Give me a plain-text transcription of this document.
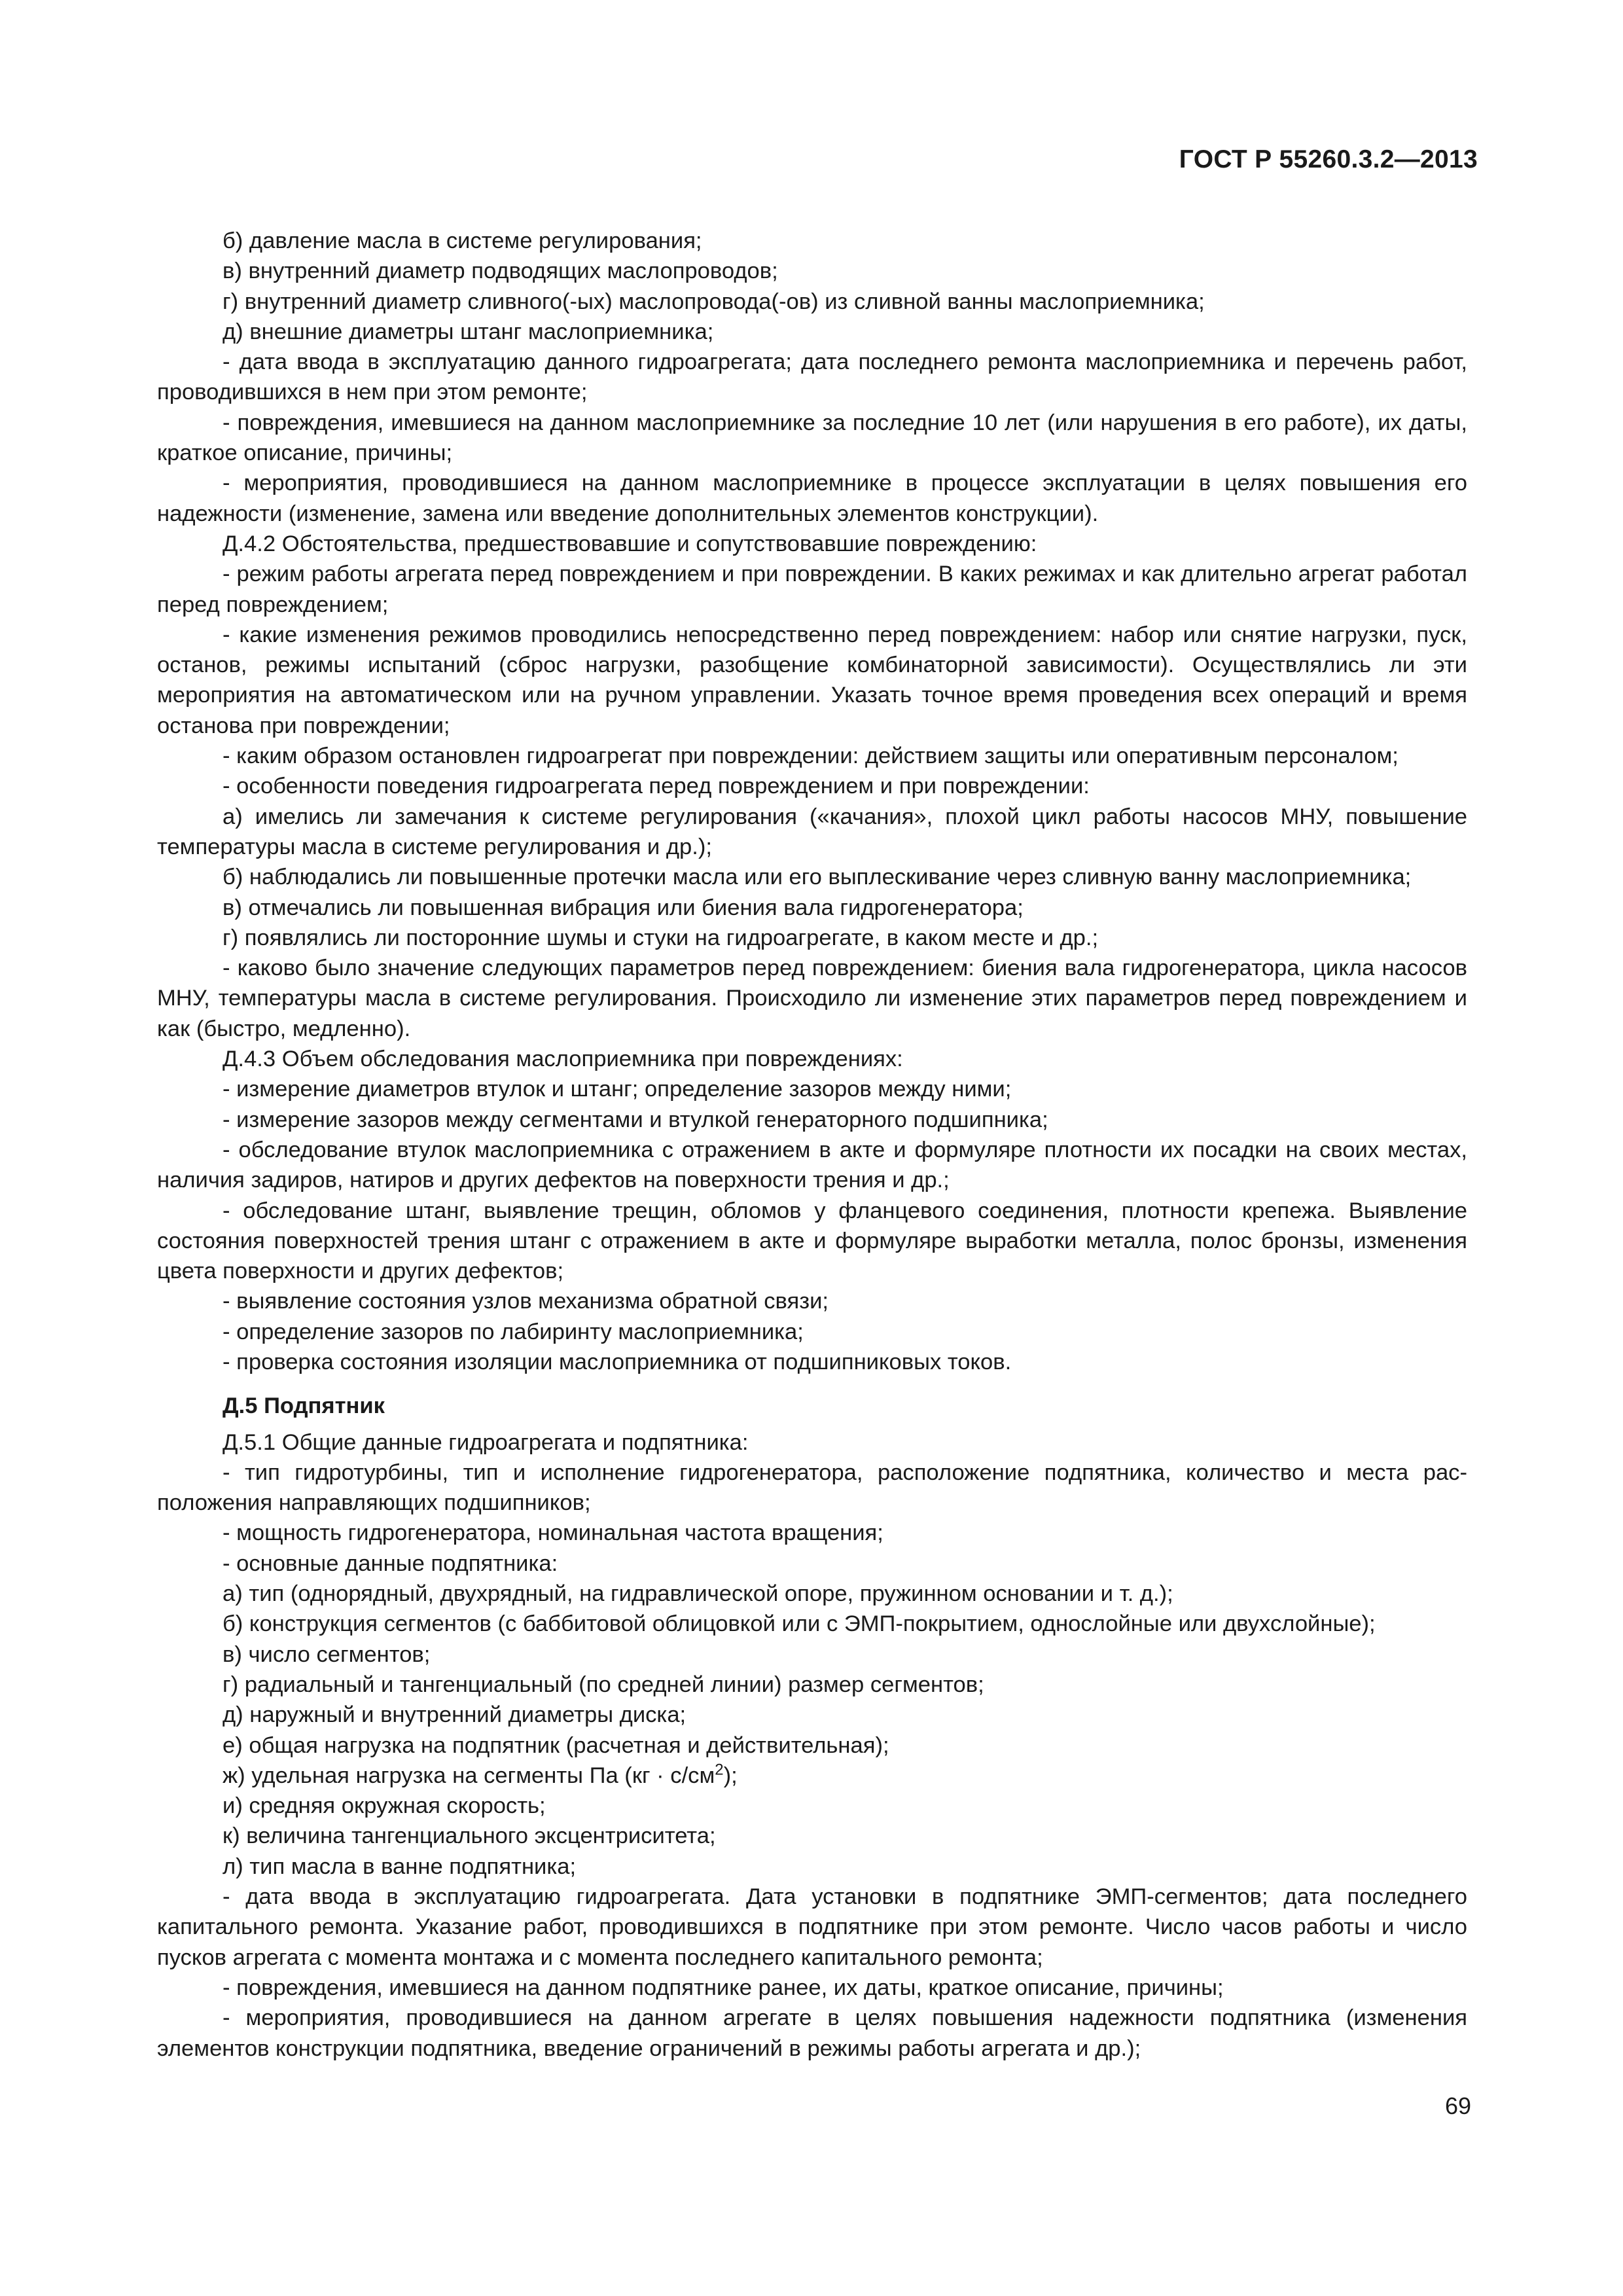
ГОСТ Р 55260.3.2—2013

б) давление масла в системе регулирования;

в) внутренний диаметр подводящих маслопроводов;

г) внутренний диаметр сливного(-ых) маслопровода(-ов) из сливной ванны маслоприемника;

д) внешние диаметры штанг маслоприемника;

- дата ввода в эксплуатацию данного гидроагрегата; дата последнего ремонта маслоприемника и перечень работ, проводившихся в нем при этом ремонте;

- повреждения, имевшиеся на данном маслоприемнике за последние 10 лет (или нарушения в его работе), их даты, краткое описание, причины;

- мероприятия, проводившиеся на данном маслоприемнике в процессе эксплуатации в целях повышения его надежности (изменение, замена или введение дополнительных элементов конструкции).

Д.4.2 Обстоятельства, предшествовавшие и сопутствовавшие повреждению:

- режим работы агрегата перед повреждением и при повреждении. В каких режимах и как длительно агрегат работал перед повреждением;

- какие изменения режимов проводились непосредственно перед повреждением: набор или снятие нагрузки, пуск, останов, режимы испытаний (сброс нагрузки, разобщение комбинаторной зависимости). Осуществлялись ли эти мероприятия на автоматическом или на ручном управлении. Указать точное время проведения всех операций и время останова при повреждении;

- каким образом остановлен гидроагрегат при повреждении: действием защиты или оперативным персоналом;

- особенности поведения гидроагрегата перед повреждением и при повреждении:

а) имелись ли замечания к системе регулирования («качания», плохой цикл работы насосов МНУ, повышение температуры масла в системе регулирования и др.);

б) наблюдались ли повышенные протечки масла или его выплескивание через сливную ванну маслоприемника;

в) отмечались ли повышенная вибрация или биения вала гидрогенератора;

г) появлялись ли посторонние шумы и стуки на гидроагрегате, в каком месте и др.;

- каково было значение следующих параметров перед повреждением: биения вала гидрогенератора, цикла насосов МНУ, температуры масла в системе регулирования. Происходило ли изменение этих параметров перед повреждением и как (быстро, медленно).

Д.4.3 Объем обследования маслоприемника при повреждениях:

- измерение диаметров втулок и штанг; определение зазоров между ними;

- измерение зазоров между сегментами и втулкой генераторного подшипника;

- обследование втулок маслоприемника с отражением в акте и формуляре плотности их посадки на своих местах, наличия задиров, натиров и других дефектов на поверхности трения и др.;

- обследование штанг, выявление трещин, обломов у фланцевого соединения, плотности крепежа. Выявление состояния поверхностей трения штанг с отражением в акте и формуляре выработки металла, полос бронзы, изменения цвета поверхности и других дефектов;

- выявление состояния узлов механизма обратной связи;

- определение зазоров по лабиринту маслоприемника;

- проверка состояния изоляции маслоприемника от подшипниковых токов.

Д.5 Подпятник

Д.5.1 Общие данные гидроагрегата и подпятника:

- тип гидротурбины, тип и исполнение гидрогенератора, расположение подпятника, количество и места расположения направляющих подшипников;

- мощность гидрогенератора, номинальная частота вращения;

- основные данные подпятника:

а) тип (однорядный, двухрядный, на гидравлической опоре, пружинном основании и т. д.);

б) конструкция сегментов (с баббитовой облицовкой или с ЭМП-покрытием, однослойные или двухслойные);

в) число сегментов;

г) радиальный и тангенциальный (по средней линии) размер сегментов;

д) наружный и внутренний диаметры диска;

е) общая нагрузка на подпятник (расчетная и действительная);

ж) удельная нагрузка на сегменты Па $(кг \cdot с/см^2)$;

и) средняя окружная скорость;

к) величина тангенциального эксцентриситета;

л) тип масла в ванне подпятника;

- дата ввода в эксплуатацию гидроагрегата. Дата установки в подпятнике ЭМП-сегментов; дата последнего капитального ремонта. Указание работ, проводившихся в подпятнике при этом ремонте. Число часов работы и число пусков агрегата с момента монтажа и с момента последнего капитального ремонта;

- повреждения, имевшиеся на данном подпятнике ранее, их даты, краткое описание, причины;

- мероприятия, проводившиеся на данном агрегате в целях повышения надежности подпятника (изменения элементов конструкции подпятника, введение ограничений в режимы работы агрегата и др.);

69
